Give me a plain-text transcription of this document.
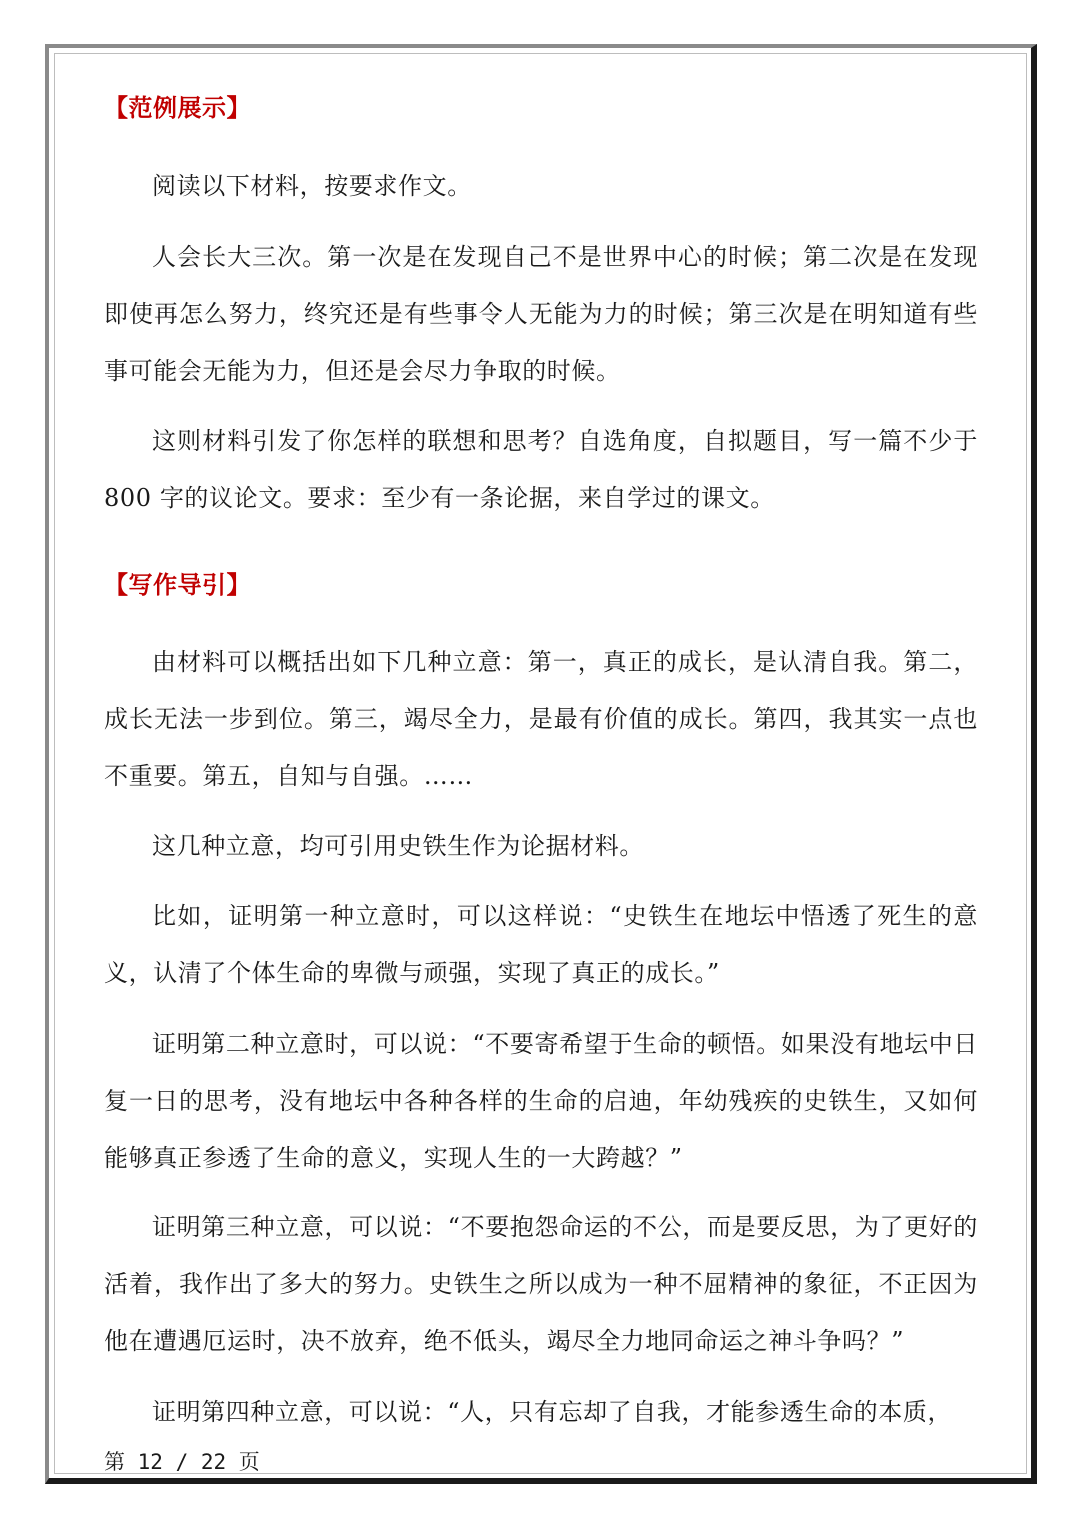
【范例展示】
阅读以下材料，按要求作文。
人会长大三次。第一次是在发现自己不是世界中心的时候；第二次是在发现即使再怎么努力，终究还是有些事令人无能为力的时候；第三次是在明知道有些事可能会无能为力，但还是会尽力争取的时候。
这则材料引发了你怎样的联想和思考？自选角度，自拟题目，写一篇不少于 800 字的议论文。要求：至少有一条论据，来自学过的课文。
【写作导引】
由材料可以概括出如下几种立意：第一，真正的成长，是认清自我。第二，成长无法一步到位。第三，竭尽全力，是最有价值的成长。第四，我其实一点也不重要。第五，自知与自强。……
这几种立意，均可引用史铁生作为论据材料。
比如，证明第一种立意时，可以这样说：“史铁生在地坛中悟透了死生的意义，认清了个体生命的卑微与顽强，实现了真正的成长。”
证明第二种立意时，可以说：“不要寄希望于生命的顿悟。如果没有地坛中日复一日的思考，没有地坛中各种各样的生命的启迪，年幼残疾的史铁生，又如何能够真正参透了生命的意义，实现人生的一大跨越？”
证明第三种立意，可以说：“不要抱怨命运的不公，而是要反思，为了更好的活着，我作出了多大的努力。史铁生之所以成为一种不屈精神的象征，不正因为他在遭遇厄运时，决不放弃，绝不低头，竭尽全力地同命运之神斗争吗？”
证明第四种立意，可以说：“人，只有忘却了自我，才能参透生命的本质，
第 12 / 22 页
